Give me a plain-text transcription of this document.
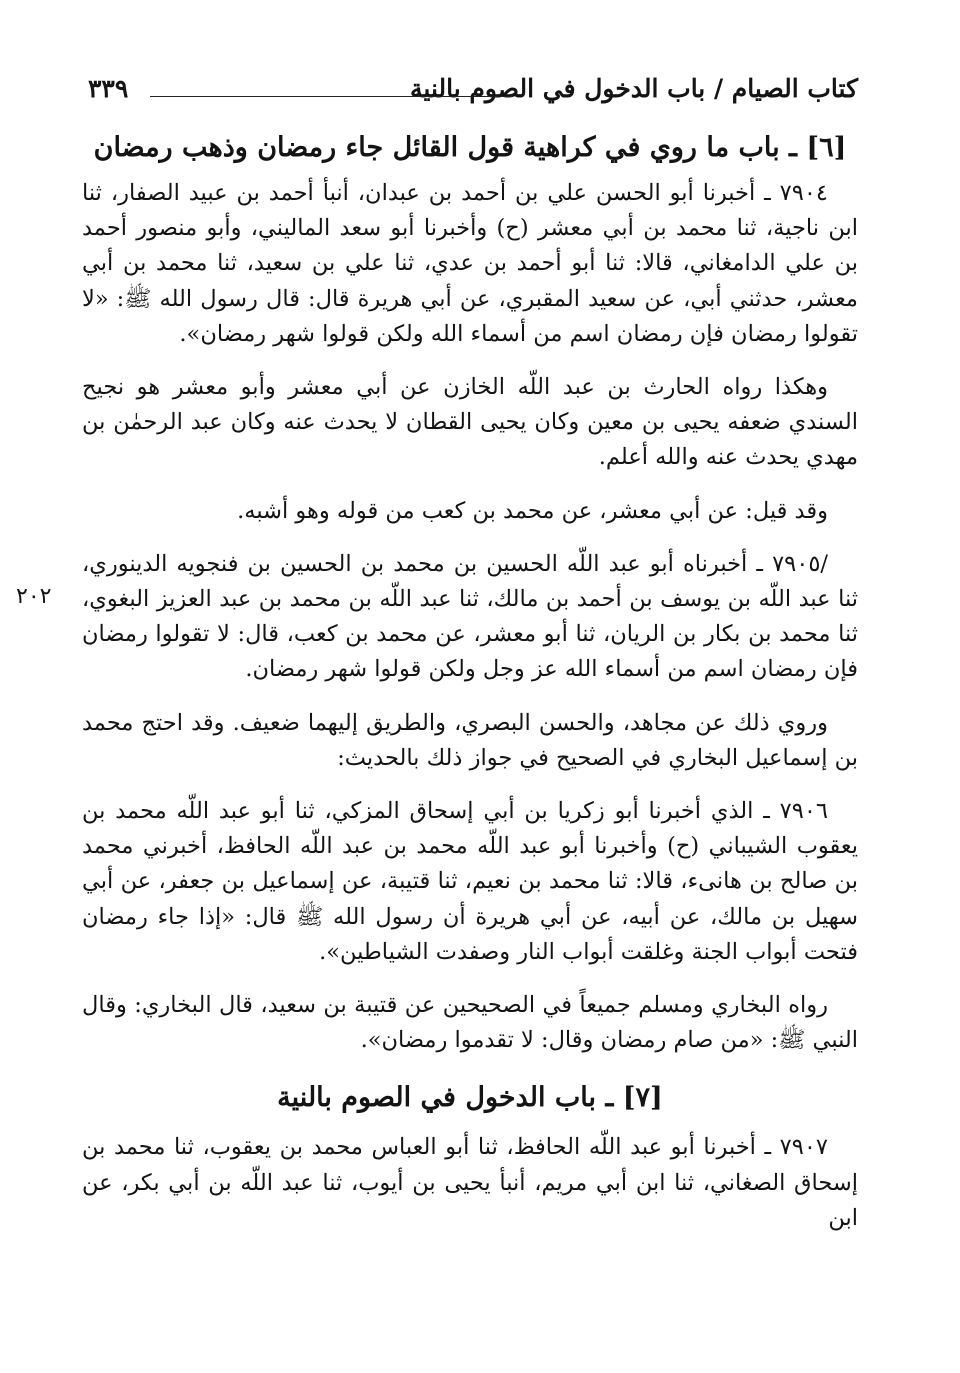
كتاب الصيام / باب الدخول في الصوم بالنية
٣٣٩
٢٠٢
[٦] ـ باب ما روي في كراهية قول القائل جاء رمضان وذهب رمضان

٧٩٠٤ ـ أخبرنا أبو الحسن علي بن أحمد بن عبدان، أنبأ أحمد بن عبيد الصفار، ثنا ابن ناجية، ثنا محمد بن أبي معشر (ح) وأخبرنا أبو سعد الماليني، وأبو منصور أحمد بن علي الدامغاني، قالا: ثنا أبو أحمد بن عدي، ثنا علي بن سعيد، ثنا محمد بن أبي معشر، حدثني أبي، عن سعيد المقبري، عن أبي هريرة قال: قال رسول الله ﷺ: «لا تقولوا رمضان فإن رمضان اسم من أسماء الله ولكن قولوا شهر رمضان».

وهكذا رواه الحارث بن عبد اللّه الخازن عن أبي معشر وأبو معشر هو نجيح السندي ضعفه يحيى بن معين وكان يحيى القطان لا يحدث عنه وكان عبد الرحمٰن بن مهدي يحدث عنه والله أعلم.

وقد قيل: عن أبي معشر، عن محمد بن كعب من قوله وهو أشبه.

/٧٩٠٥ ـ أخبرناه أبو عبد اللّه الحسين بن محمد بن الحسين بن فنجويه الدينوري، ثنا عبد اللّه بن يوسف بن أحمد بن مالك، ثنا عبد اللّه بن محمد بن عبد العزيز البغوي، ثنا محمد بن بكار بن الريان، ثنا أبو معشر، عن محمد بن كعب، قال: لا تقولوا رمضان فإن رمضان اسم من أسماء الله عز وجل ولكن قولوا شهر رمضان.

وروي ذلك عن مجاهد، والحسن البصري، والطريق إليهما ضعيف. وقد احتج محمد بن إسماعيل البخاري في الصحيح في جواز ذلك بالحديث:

٧٩٠٦ ـ الذي أخبرنا أبو زكريا بن أبي إسحاق المزكي، ثنا أبو عبد اللّه محمد بن يعقوب الشيباني (ح) وأخبرنا أبو عبد اللّه محمد بن عبد اللّه الحافظ، أخبرني محمد بن صالح بن هانىء، قالا: ثنا محمد بن نعيم، ثنا قتيبة، عن إسماعيل بن جعفر، عن أبي سهيل بن مالك، عن أبيه، عن أبي هريرة أن رسول الله ﷺ قال: «إذا جاء رمضان فتحت أبواب الجنة وغلقت أبواب النار وصفدت الشياطين».

رواه البخاري ومسلم جميعاً في الصحيحين عن قتيبة بن سعيد، قال البخاري: وقال النبي ﷺ: «من صام رمضان وقال: لا تقدموا رمضان».

[٧] ـ باب الدخول في الصوم بالنية

٧٩٠٧ ـ أخبرنا أبو عبد اللّه الحافظ، ثنا أبو العباس محمد بن يعقوب، ثنا محمد بن إسحاق الصغاني، ثنا ابن أبي مريم، أنبأ يحيى بن أيوب، ثنا عبد اللّه بن أبي بكر، عن ابن
